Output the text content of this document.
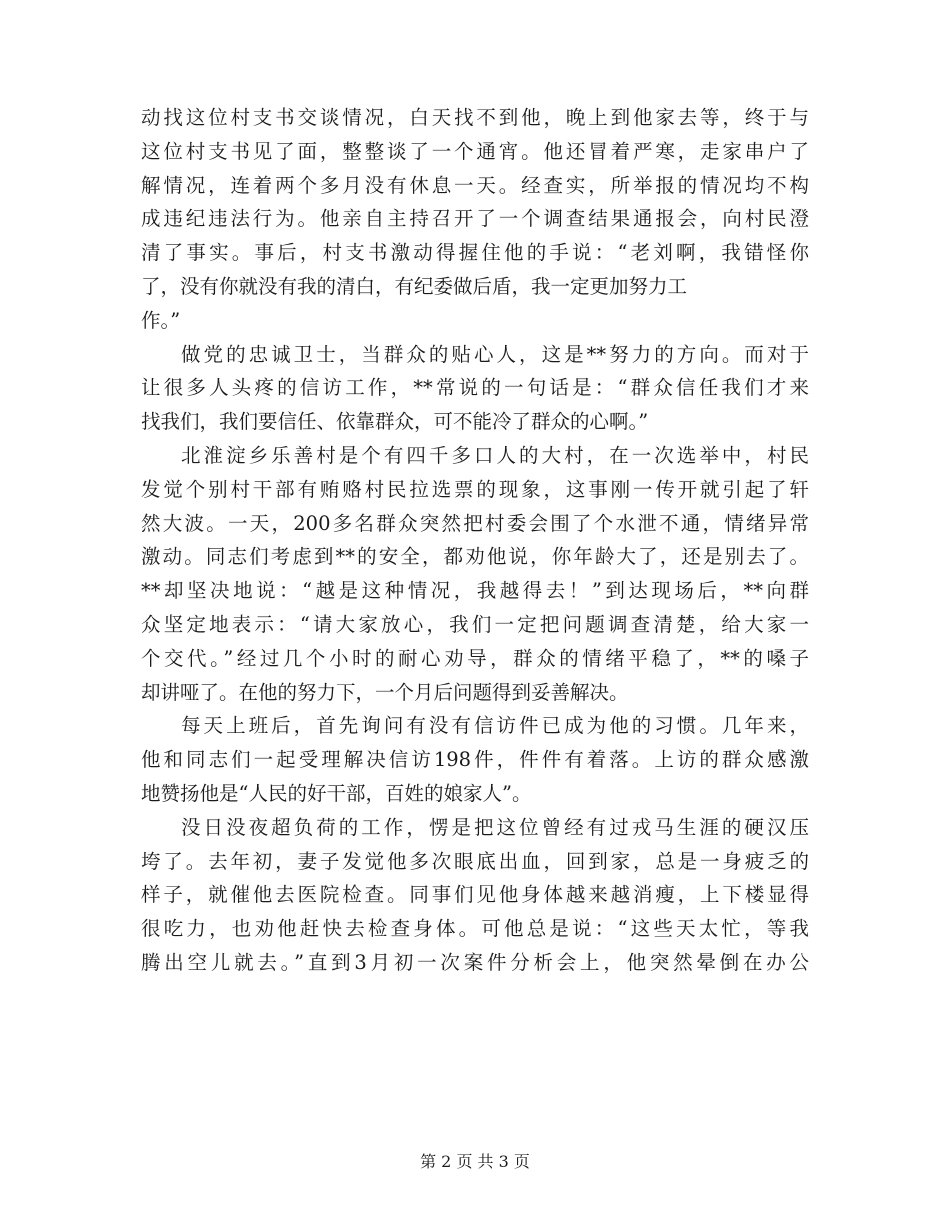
动找这位村支书交谈情况，白天找不到他，晚上到他家去等，终于与
这位村支书见了面，整整谈了一个通宵。他还冒着严寒，走家串户了
解情况，连着两个多月没有休息一天。经查实，所举报的情况均不构
成违纪违法行为。他亲自主持召开了一个调查结果通报会，向村民澄
清了事实。事后，村支书激动得握住他的手说：“老刘啊，我错怪你
了，没有你就没有我的清白，有纪委做后盾，我一定更加努力工
作。”
做党的忠诚卫士，当群众的贴心人，这是**努力的方向。而对于
让很多人头疼的信访工作，**常说的一句话是：“群众信任我们才来
找我们，我们要信任、依靠群众，可不能冷了群众的心啊。”
北淮淀乡乐善村是个有四千多口人的大村，在一次选举中，村民
发觉个别村干部有贿赂村民拉选票的现象，这事刚一传开就引起了轩
然大波。一天，200多名群众突然把村委会围了个水泄不通，情绪异常
激动。同志们考虑到**的安全，都劝他说，你年龄大了，还是别去了。
**却坚决地说：“越是这种情况，我越得去！”到达现场后，**向群
众坚定地表示：“请大家放心，我们一定把问题调查清楚，给大家一
个交代。”经过几个小时的耐心劝导，群众的情绪平稳了，**的嗓子
却讲哑了。在他的努力下，一个月后问题得到妥善解决。
每天上班后，首先询问有没有信访件已成为他的习惯。几年来，
他和同志们一起受理解决信访198件，件件有着落。上访的群众感激
地赞扬他是“人民的好干部，百姓的娘家人”。
没日没夜超负荷的工作，愣是把这位曾经有过戎马生涯的硬汉压
垮了。去年初，妻子发觉他多次眼底出血，回到家，总是一身疲乏的
样子，就催他去医院检查。同事们见他身体越来越消瘦，上下楼显得
很吃力，也劝他赶快去检查身体。可他总是说：“这些天太忙，等我
腾出空儿就去。”直到3月初一次案件分析会上，他突然晕倒在办公
第 2 页 共 3 页
